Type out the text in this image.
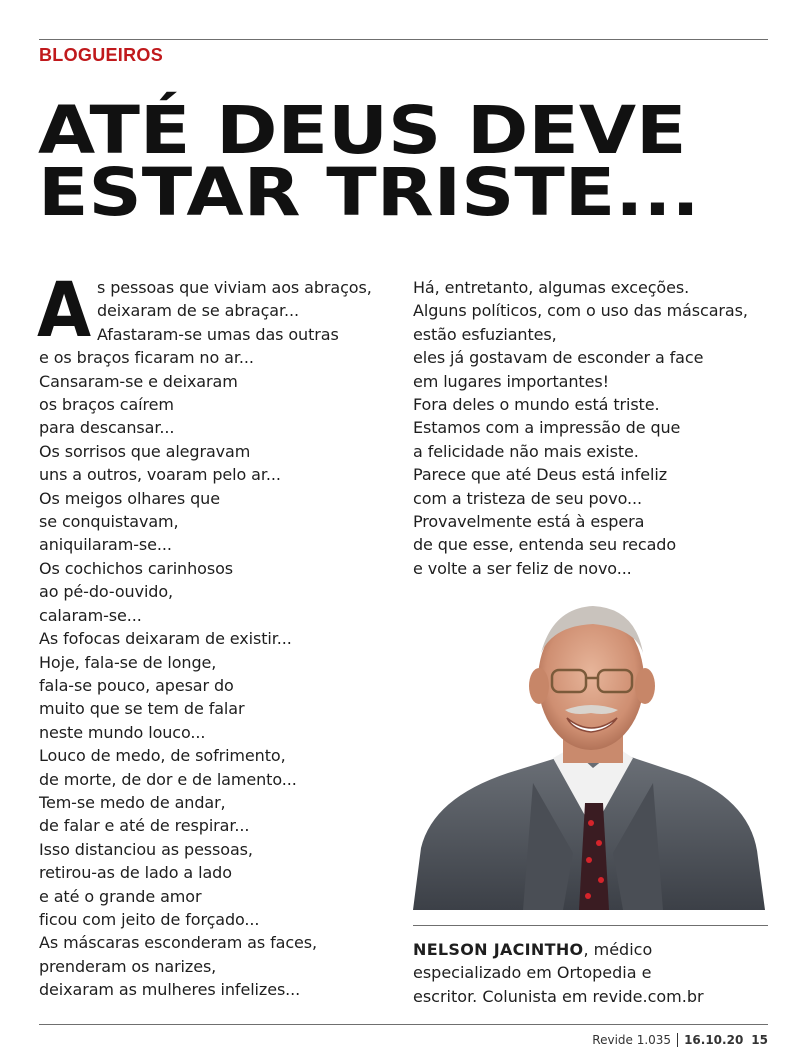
BLOGUEIROS
ATÉ DEUS DEVE
ESTAR TRISTE...
A s pessoas que viviam aos abraços,
deixaram de se abraçar...
Afastaram-se umas das outras
e os braços ficaram no ar...
Cansaram-se e deixaram
os braços caírem
para descansar...
Os sorrisos que alegravam
uns a outros, voaram pelo ar...
Os meigos olhares que
se conquistavam,
aniquilaram-se...
Os cochichos carinhosos
ao pé-do-ouvido,
calaram-se...
As fofocas deixaram de existir...
Hoje, fala-se de longe,
fala-se pouco, apesar do
muito que se tem de falar
neste mundo louco...
Louco de medo, de sofrimento,
de morte, de dor e de lamento...
Tem-se medo de andar,
de falar e até de respirar...
Isso distanciou as pessoas,
retirou-as de lado a lado
e até o grande amor
ficou com jeito de forçado...
As máscaras esconderam as faces,
prenderam os narizes,
deixaram as mulheres infelizes...
Há, entretanto, algumas exceções.
Alguns políticos, com o uso das máscaras,
estão esfuziantes,
eles já gostavam de esconder a face
em lugares importantes!
Fora deles o mundo está triste.
Estamos com a impressão de que
a felicidade não mais existe.
Parece que até Deus está infeliz
com a tristeza de seu povo...
Provavelmente está à espera
de que esse, entenda seu recado
e volte a ser feliz de novo...
NELSON JACINTHO, médico
especializado em Ortopedia e
escritor. Colunista em revide.com.br
Revide 1.035 16.10.20 15
